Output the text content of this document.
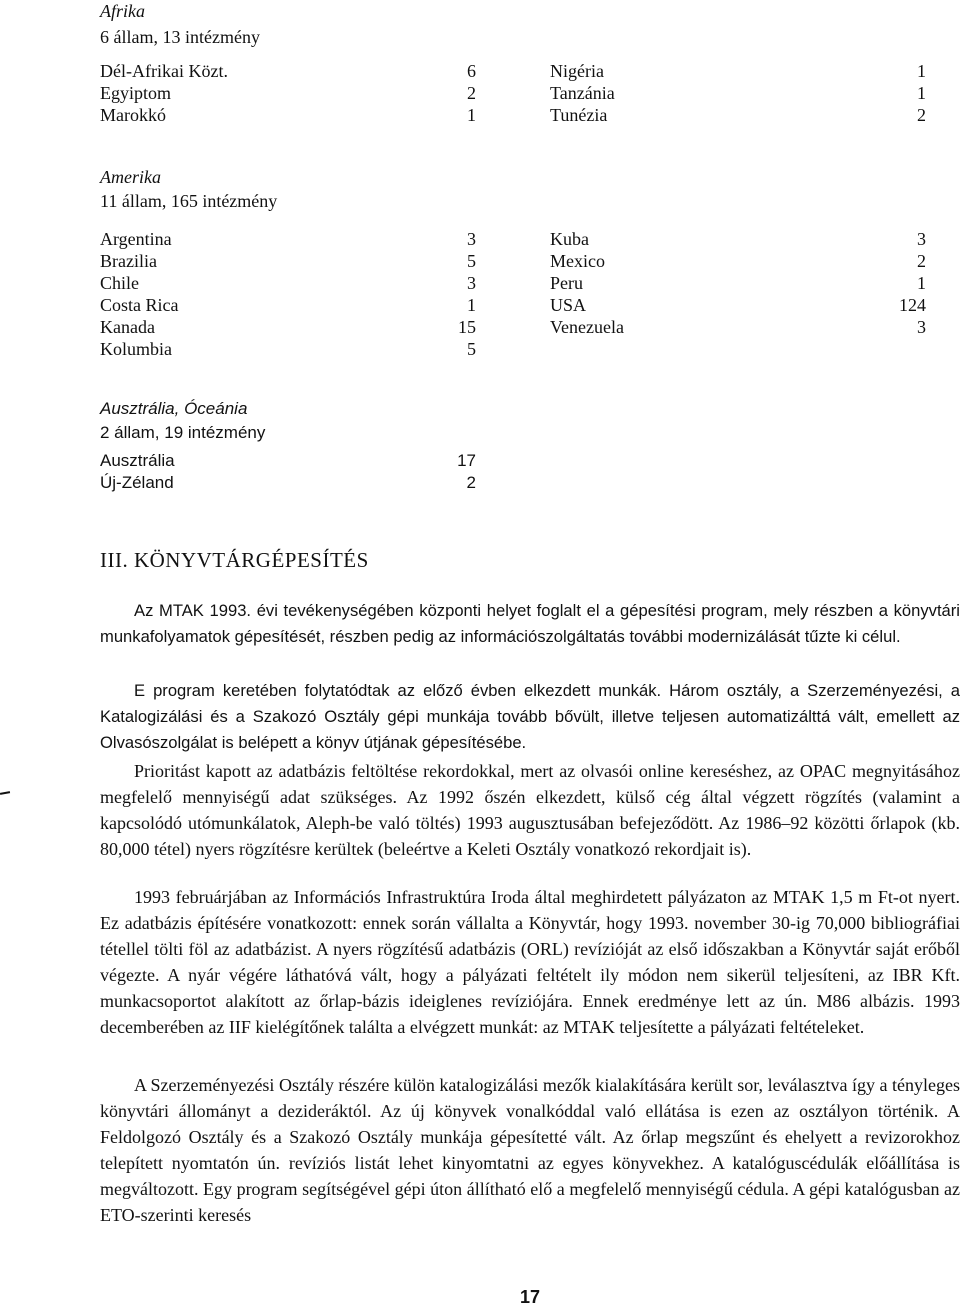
Afrika
6 állam, 13 intézmény
Dél-Afrikai Közt.	6
Egyiptom	2
Marokkó	1
Nigéria	1
Tanzánia	1
Tunézia	2
Amerika
11 állam, 165 intézmény
Argentina	3
Brazilia	5
Chile	3
Costa Rica	1
Kanada	15
Kolumbia	5
Kuba	3
Mexico	2
Peru	1
USA	124
Venezuela	3
Ausztrália, Óceánia
2 állam, 19 intézmény
Ausztrália	17
Új-Zéland	2
III. KÖNYVTÁRGÉPESÍTÉS

Az MTAK 1993. évi tevékenységében központi helyet foglalt el a gépesítési program, mely részben a könyvtári munkafolyamatok gépesítését, részben pedig az információszolgáltatás további modernizálását tűzte ki célul.

E program keretében folytatódtak az előző évben elkezdett munkák. Három osztály, a Szerzeményezési, a Katalogizálási és a Szakozó Osztály gépi munkája tovább bővült, illetve teljesen automatizálttá vált, emellett az Olvasószolgálat is belépett a könyv útjának gépesítésébe.

Prioritást kapott az adatbázis feltöltése rekordokkal, mert az olvasói online kereséshez, az OPAC megnyitásához megfelelő mennyiségű adat szükséges. Az 1992 őszén elkezdett, külső cég által végzett rögzítés (valamint a kapcsolódó utómunkálatok, Aleph-be való töltés) 1993 augusztusában befejeződött. Az 1986–92 közötti őrlapok (kb. 80,000 tétel) nyers rögzítésre kerültek (beleértve a Keleti Osztály vonatkozó rekordjait is).

1993 februárjában az Információs Infrastruktúra Iroda által meghirdetett pályázaton az MTAK 1,5 m Ft-ot nyert. Ez adatbázis építésére vonatkozott: ennek során vállalta a Könyvtár, hogy 1993. november 30-ig 70,000 bibliográfiai tétellel tölti föl az adatbázist. A nyers rögzítésű adatbázis (ORL) revízióját az első időszakban a Könyvtár saját erőből végezte. A nyár végére láthatóvá vált, hogy a pályázati feltételt ily módon nem sikerül teljesíteni, az IBR Kft. munkacsoportot alakított az őrlap-bázis ideiglenes revíziójára. Ennek eredménye lett az ún. M86 albázis. 1993 decemberében az IIF kielégítőnek találta a elvégzett munkát: az MTAK teljesítette a pályázati feltételeket.

A Szerzeményezési Osztály részére külön katalogizálási mezők kialakítására került sor, leválasztva így a tényleges könyvtári állományt a dezideráktól. Az új könyvek vonalkóddal való ellátása is ezen az osztályon történik. A Feldolgozó Osztály és a Szakozó Osztály munkája gépesítetté vált. Az őrlap megszűnt és ehelyett a revizorokhoz telepített nyomtatón ún. revíziós listát lehet kinyomtatni az egyes könyvekhez. A katalóguscédulák előállítása is megváltozott. Egy program segítségével gépi úton állítható elő a megfelelő mennyiségű cédula. A gépi katalógusban az ETO-szerinti keresés

17
